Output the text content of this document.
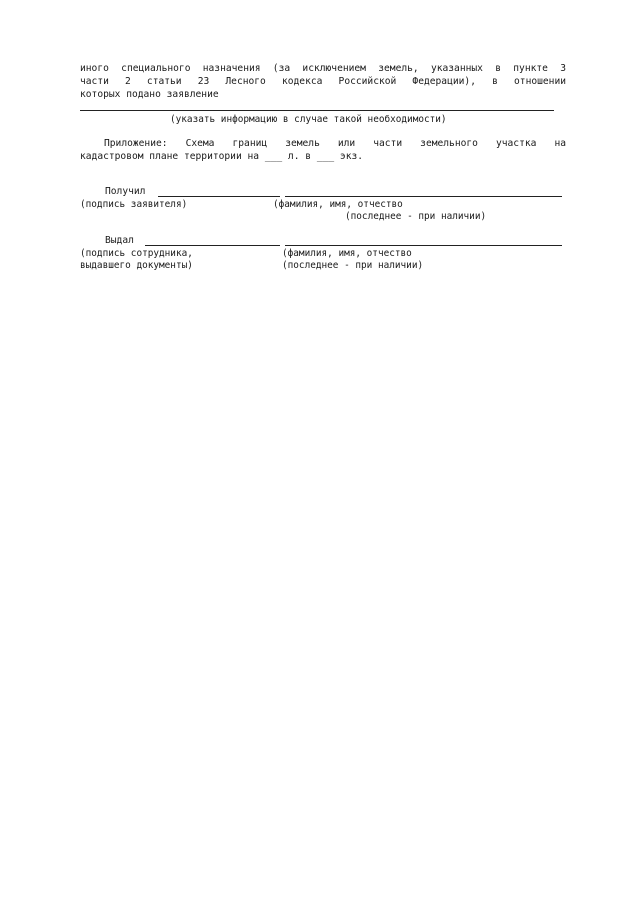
иного специального назначения (за исключением земель, указанных в пункте 3
части 2 статьи 23 Лесного кодекса Российской Федерации), в отношении
которых подано заявление
(указать информацию в случае такой необходимости)
Приложение: Схема границ земель или части земельного участка на
кадастровом плане территории на ___ л. в ___ экз.
Получил
(подпись заявителя)	(фамилия, имя, отчество
(последнее - при наличии)
Выдал
(подпись сотрудника,
выдавшего документы)
(фамилия, имя, отчество
(последнее - при наличии)
